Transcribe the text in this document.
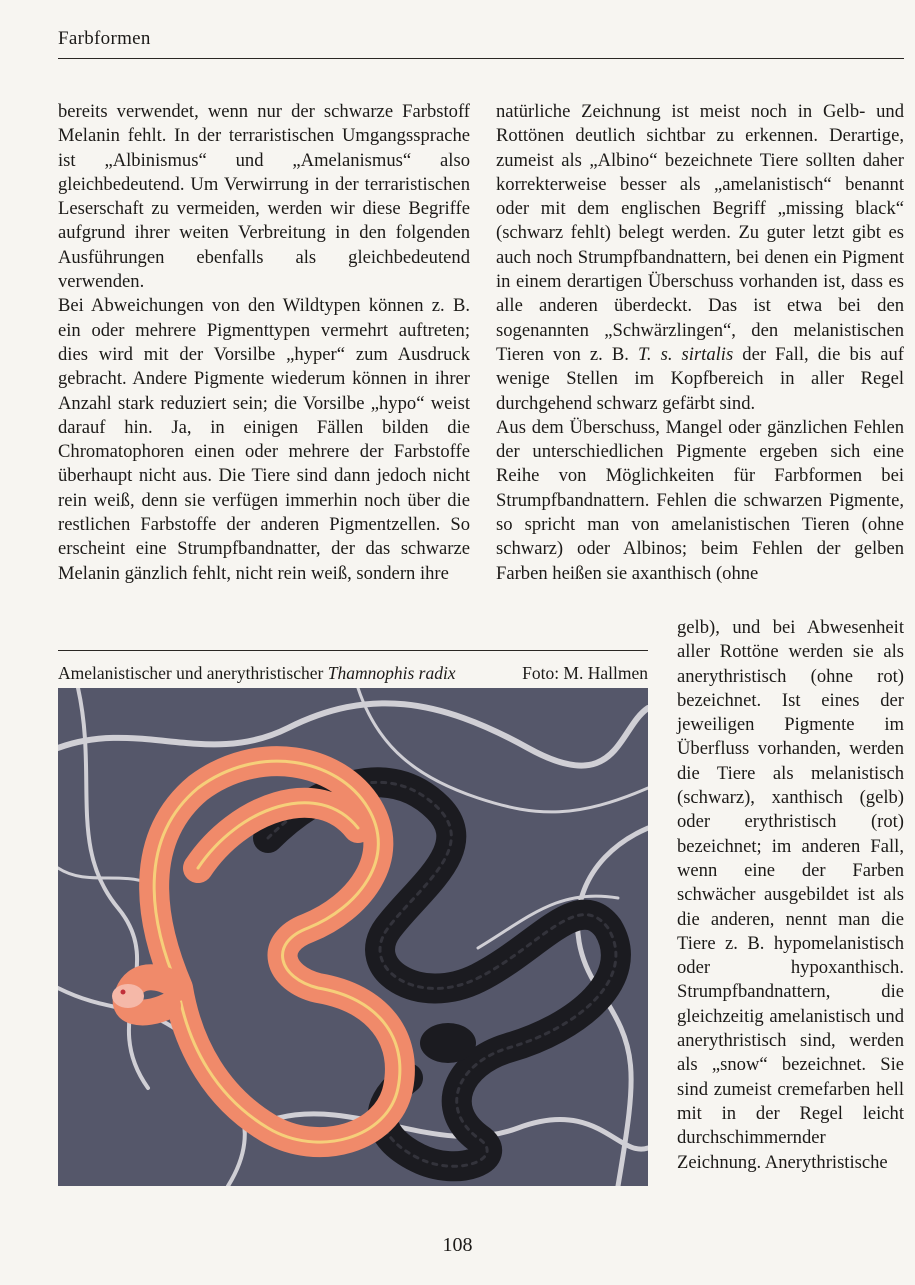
Farbformen

bereits verwendet, wenn nur der schwarze Farbstoff Melanin fehlt. In der terraristischen Umgangssprache ist „Albinismus“ und „Amelanismus“ also gleichbedeutend. Um Verwirrung in der terraristischen Leserschaft zu vermeiden, werden wir diese Begriffe aufgrund ihrer weiten Verbreitung in den folgenden Ausführungen ebenfalls als gleichbedeutend verwenden.

Bei Abweichungen von den Wildtypen können z. B. ein oder mehrere Pigmenttypen vermehrt auftreten; dies wird mit der Vorsilbe „hyper“ zum Ausdruck gebracht. Andere Pigmente wiederum können in ihrer Anzahl stark reduziert sein; die Vorsilbe „hypo“ weist darauf hin. Ja, in einigen Fällen bilden die Chromatophoren einen oder mehrere der Farbstoffe überhaupt nicht aus. Die Tiere sind dann jedoch nicht rein weiß, denn sie verfügen immerhin noch über die restlichen Farbstoffe der anderen Pigmentzellen. So erscheint eine Strumpfbandnatter, der das schwarze Melanin gänzlich fehlt, nicht rein weiß, sondern ihre

natürliche Zeichnung ist meist noch in Gelb- und Rottönen deutlich sichtbar zu erkennen. Derartige, zumeist als „Albino“ bezeichnete Tiere sollten daher korrekterweise besser als „amelanistisch“ benannt oder mit dem englischen Begriff „missing black“ (schwarz fehlt) belegt werden. Zu guter letzt gibt es auch noch Strumpfbandnattern, bei denen ein Pigment in einem derartigen Überschuss vorhanden ist, dass es alle anderen überdeckt. Das ist etwa bei den sogenannten „Schwärzlingen“, den melanistischen Tieren von z. B. T. s. sirtalis der Fall, die bis auf wenige Stellen im Kopfbereich in aller Regel durchgehend schwarz gefärbt sind.

Aus dem Überschuss, Mangel oder gänzlichen Fehlen der unterschiedlichen Pigmente ergeben sich eine Reihe von Möglichkeiten für Farbformen bei Strumpfbandnattern. Fehlen die schwarzen Pigmente, so spricht man von amelanistischen Tieren (ohne schwarz) oder Albinos; beim Fehlen der gelben Farben heißen sie axanthisch (ohne

gelb), und bei Abwesenheit aller Rottöne werden sie als anerythristisch (ohne rot) bezeichnet. Ist eines der jeweiligen Pigmente im Überfluss vorhanden, werden die Tiere als melanistisch (schwarz), xanthisch (gelb) oder erythristisch (rot) bezeichnet; im anderen Fall, wenn eine der Farben schwächer ausgebildet ist als die anderen, nennt man die Tiere z. B. hypomelanistisch oder hypoxanthisch. Strumpfbandnattern, die gleichzeitig amelanistisch und anerythristisch sind, werden als „snow“ bezeichnet. Sie sind zumeist cremefarben hell mit in der Regel leicht durchschimmernder Zeichnung. Anerythristische

Amelanistischer und anerythristischer Thamnophis radix	Foto: M. Hallmen
108
